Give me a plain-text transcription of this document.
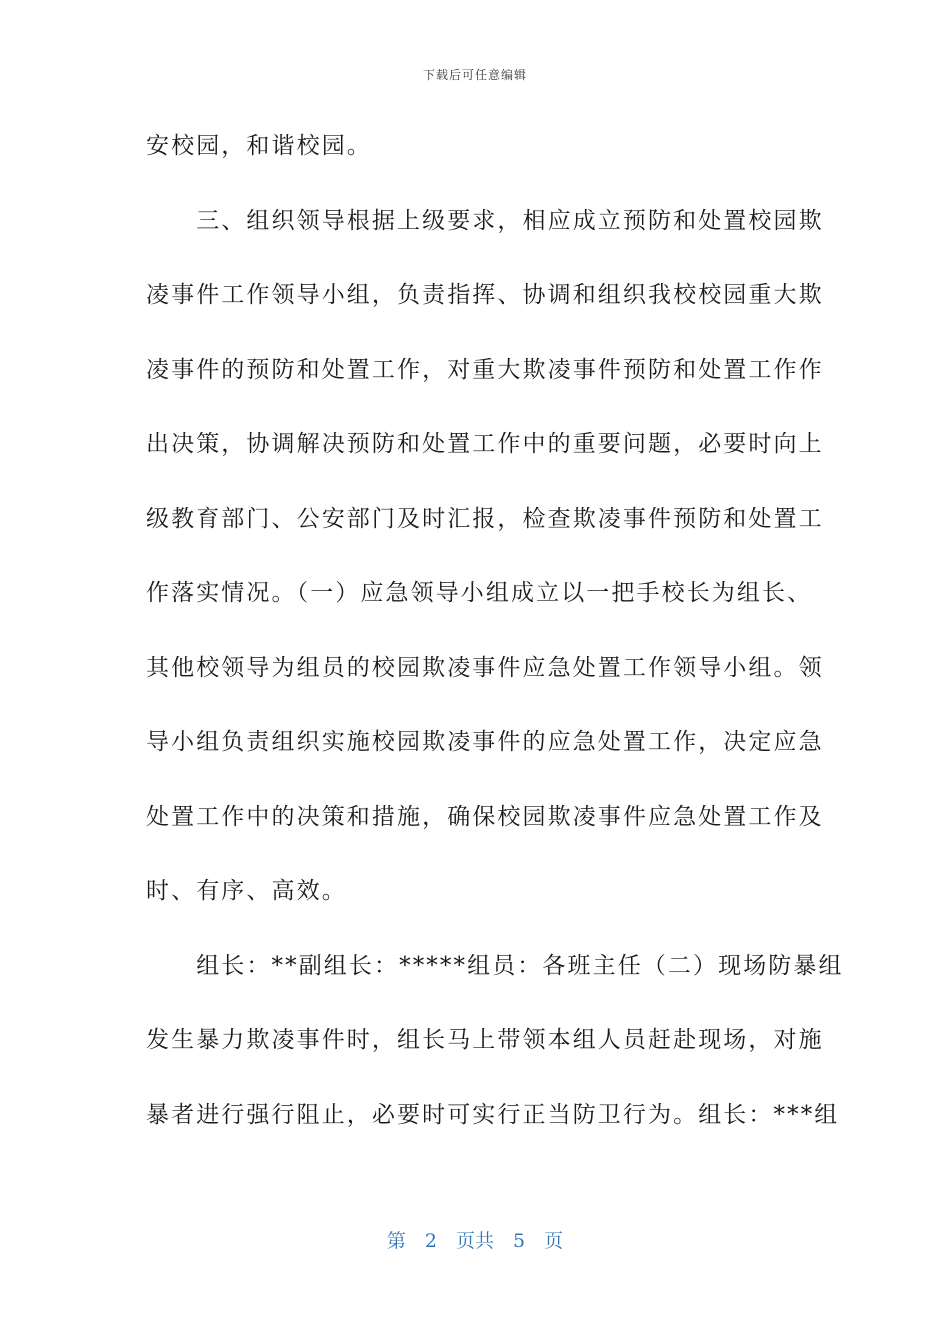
下载后可任意编辑
安校园，和谐校园。
　　三、组织领导根据上级要求，相应成立预防和处置校园欺
凌事件工作领导小组，负责指挥、协调和组织我校校园重大欺
凌事件的预防和处置工作，对重大欺凌事件预防和处置工作作
出决策，协调解决预防和处置工作中的重要问题，必要时向上
级教育部门、公安部门及时汇报，检查欺凌事件预防和处置工
作落实情况。（一）应急领导小组成立以一把手校长为组长、
其他校领导为组员的校园欺凌事件应急处置工作领导小组。领
导小组负责组织实施校园欺凌事件的应急处置工作，决定应急
处置工作中的决策和措施，确保校园欺凌事件应急处置工作及
时、有序、高效。
　　组长：**副组长：*****组员：各班主任（二）现场防暴组
发生暴力欺凌事件时，组长马上带领本组人员赶赴现场，对施
暴者进行强行阻止，必要时可实行正当防卫行为。组长：***组
第　2　页共　5　页
